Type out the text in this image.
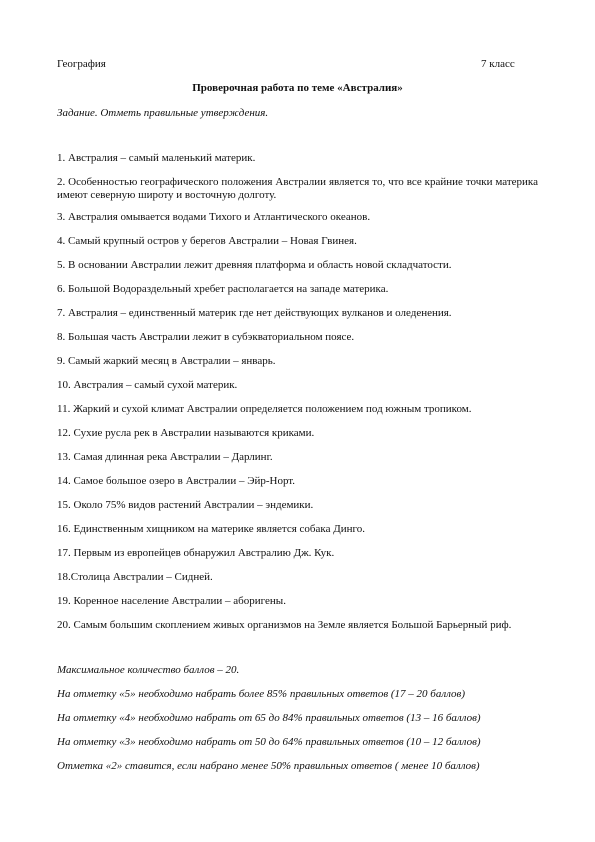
География	7 класс
Проверочная работа по теме «Австралия»
Задание. Отметь правильные утверждения.
1. Австралия – самый маленький материк.
2. Особенностью географического положения Австралии является то, что все крайние точки материка имеют северную широту и восточную долготу.
3. Австралия омывается водами Тихого и Атлантического океанов.
4. Самый крупный остров у берегов Австралии – Новая Гвинея.
5. В основании Австралии лежит древняя платформа и область новой складчатости.
6. Большой Водораздельный хребет располагается на западе материка.
7. Австралия – единственный материк где нет действующих вулканов и оледенения.
8. Большая часть Австралии лежит в субэкваториальном поясе.
9. Самый жаркий месяц в Австралии – январь.
10. Австралия – самый сухой материк.
11. Жаркий и сухой климат Австралии определяется положением под южным тропиком.
12. Сухие русла рек в Австралии называются криками.
13. Самая длинная река Австралии – Дарлинг.
14. Самое большое озеро в Австралии – Эйр-Норт.
15. Около 75% видов растений Австралии – эндемики.
16. Единственным хищником на материке является собака Динго.
17. Первым из европейцев обнаружил Австралию Дж. Кук.
18.Столица Австралии – Сидней.
19. Коренное население Австралии – аборигены.
20. Самым большим скоплением живых организмов на Земле является Большой Барьерный риф.
Максимальное количество баллов – 20.
На отметку «5» необходимо набрать более 85% правильных ответов (17 – 20 баллов)
На отметку «4» необходимо набрать от 65 до 84% правильных ответов (13 – 16 баллов)
На отметку «3» необходимо набрать от 50 до 64% правильных ответов (10 – 12 баллов)
Отметка «2» ставится, если набрано менее 50% правильных ответов ( менее 10 баллов)
